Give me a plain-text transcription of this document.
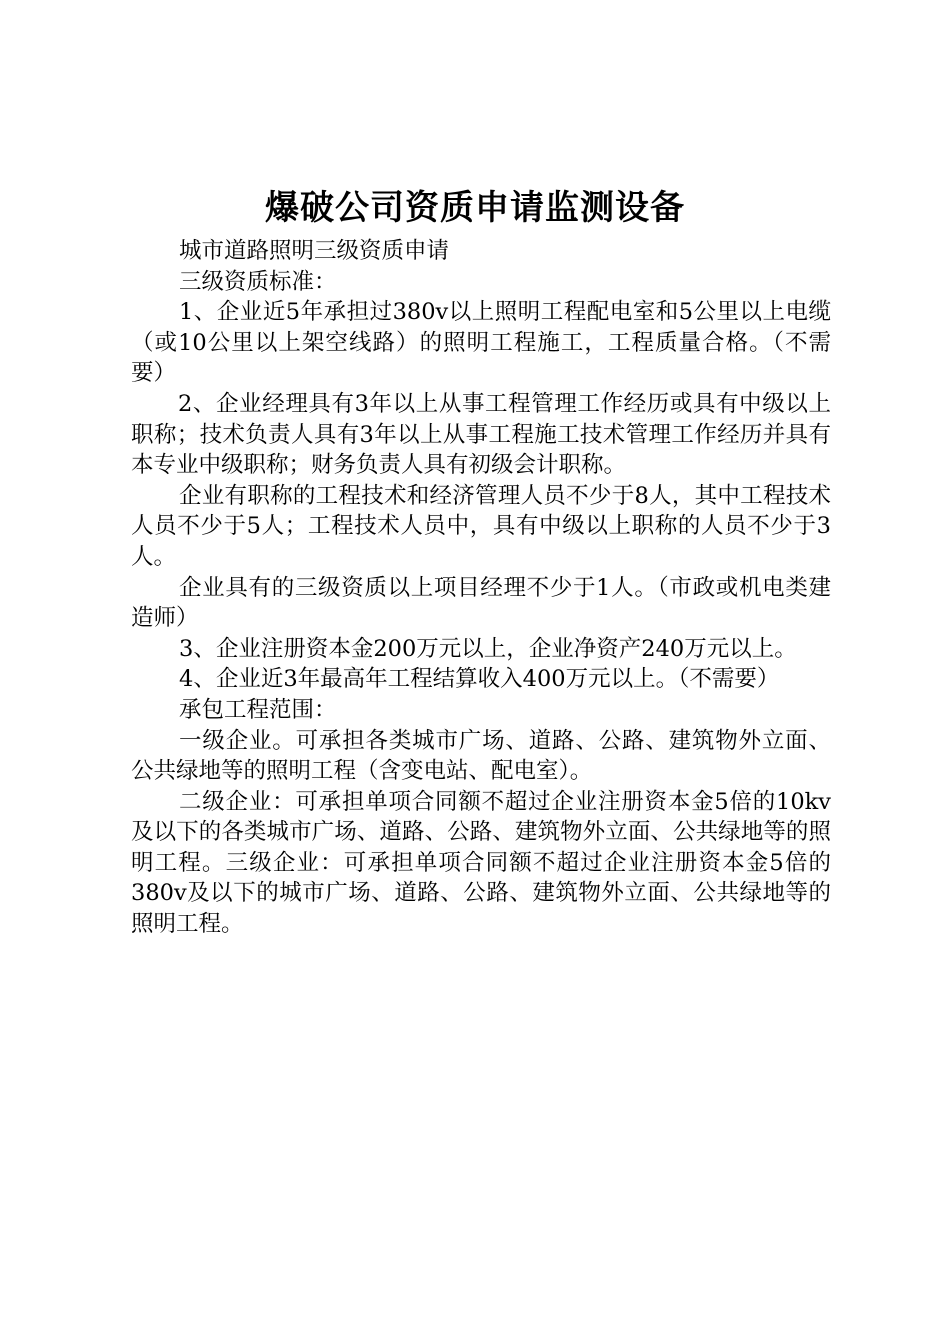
爆破公司资质申请监测设备

城市道路照明三级资质申请

三级资质标准：

1、企业近5年承担过380v以上照明工程配电室和5公里以上电缆（或10公里以上架空线路）的照明工程施工，工程质量合格。（不需要）

2、企业经理具有3年以上从事工程管理工作经历或具有中级以上职称；技术负责人具有3年以上从事工程施工技术管理工作经历并具有本专业中级职称；财务负责人具有初级会计职称。

企业有职称的工程技术和经济管理人员不少于8人，其中工程技术人员不少于5人；工程技术人员中，具有中级以上职称的人员不少于3人。

企业具有的三级资质以上项目经理不少于1人。（市政或机电类建造师）

3、企业注册资本金200万元以上，企业净资产240万元以上。

4、企业近3年最高年工程结算收入400万元以上。（不需要）

承包工程范围：

一级企业。可承担各类城市广场、道路、公路、建筑物外立面、公共绿地等的照明工程（含变电站、配电室）。

二级企业：可承担单项合同额不超过企业注册资本金5倍的10kv及以下的各类城市广场、道路、公路、建筑物外立面、公共绿地等的照明工程。三级企业：可承担单项合同额不超过企业注册资本金5倍的380v及以下的城市广场、道路、公路、建筑物外立面、公共绿地等的照明工程。
